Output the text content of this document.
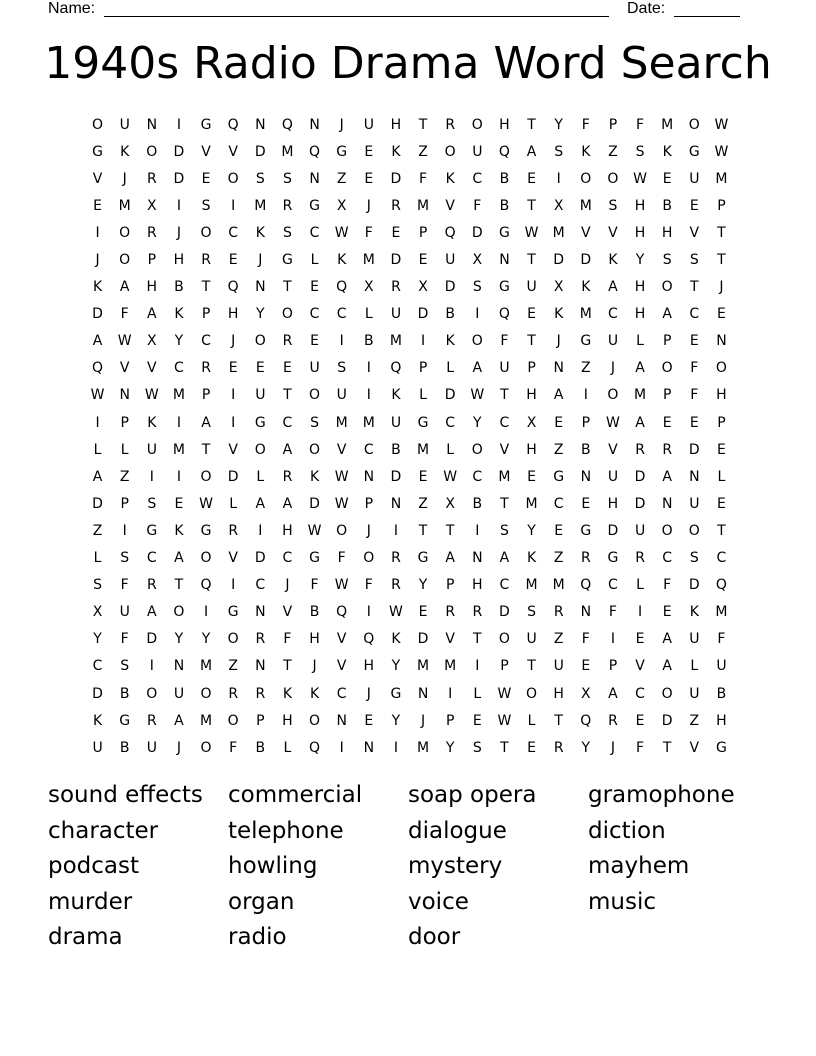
Name:	Date:
1940s Radio Drama Word Search
O	U	N	I	G	Q	N	Q	N	J	U	H	T	R	O	H	T	Y	F	P	F	M	O	W
G	K	O	D	V	V	D	M	Q	G	E	K	Z	O	U	Q	A	S	K	Z	S	K	G	W
V	J	R	D	E	O	S	S	N	Z	E	D	F	K	C	B	E	I	O	O	W	E	U	M
E	M	X	I	S	I	M	R	G	X	J	R	M	V	F	B	T	X	M	S	H	B	E	P
I	O	R	J	O	C	K	S	C	W	F	E	P	Q	D	G	W	M	V	V	H	H	V	T
J	O	P	H	R	E	J	G	L	K	M	D	E	U	X	N	T	D	D	K	Y	S	S	T
K	A	H	B	T	Q	N	T	E	Q	X	R	X	D	S	G	U	X	K	A	H	O	T	J
D	F	A	K	P	H	Y	O	C	C	L	U	D	B	I	Q	E	K	M	C	H	A	C	E
A	W	X	Y	C	J	O	R	E	I	B	M	I	K	O	F	T	J	G	U	L	P	E	N
Q	V	V	C	R	E	E	E	U	S	I	Q	P	L	A	U	P	N	Z	J	A	O	F	O
W	N	W	M	P	I	U	T	O	U	I	K	L	D	W	T	H	A	I	O	M	P	F	H
I	P	K	I	A	I	G	C	S	M	M	U	G	C	Y	C	X	E	P	W	A	E	E	P
L	L	U	M	T	V	O	A	O	V	C	B	M	L	O	V	H	Z	B	V	R	R	D	E
A	Z	I	I	O	D	L	R	K	W	N	D	E	W	C	M	E	G	N	U	D	A	N	L
D	P	S	E	W	L	A	A	D	W	P	N	Z	X	B	T	M	C	E	H	D	N	U	E
Z	I	G	K	G	R	I	H	W	O	J	I	T	T	I	S	Y	E	G	D	U	O	O	T
L	S	C	A	O	V	D	C	G	F	O	R	G	A	N	A	K	Z	R	G	R	C	S	C
S	F	R	T	Q	I	C	J	F	W	F	R	Y	P	H	C	M	M	Q	C	L	F	D	Q
X	U	A	O	I	G	N	V	B	Q	I	W	E	R	R	D	S	R	N	F	I	E	K	M
Y	F	D	Y	Y	O	R	F	H	V	Q	K	D	V	T	O	U	Z	F	I	E	A	U	F
C	S	I	N	M	Z	N	T	J	V	H	Y	M	M	I	P	T	U	E	P	V	A	L	U
D	B	O	U	O	R	R	K	K	C	J	G	N	I	L	W	O	H	X	A	C	O	U	B
K	G	R	A	M	O	P	H	O	N	E	Y	J	P	E	W	L	T	Q	R	E	D	Z	H
U	B	U	J	O	F	B	L	Q	I	N	I	M	Y	S	T	E	R	Y	J	F	T	V	G
sound effects	commercial	soap opera	gramophone
character	telephone	dialogue	diction
podcast	howling	mystery	mayhem
murder	organ	voice	music
drama	radio	door
